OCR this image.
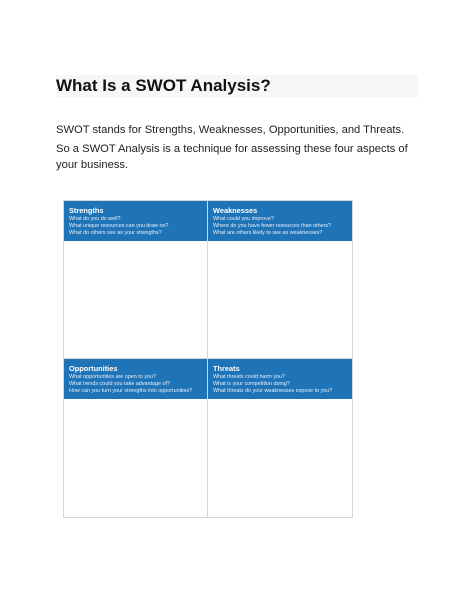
What Is a SWOT Analysis?

SWOT stands for Strengths, Weaknesses, Opportunities, and Threats.

So a SWOT Analysis is a technique for assessing these four aspects of your business.

Strengths
What do you do well?
What unique resources can you draw on?
What do others see as your strengths?
Weaknesses
What could you improve?
Where do you have fewer resources than others?
What are others likely to see as weaknesses?
Opportunities
What opportunities are open to you?
What trends could you take advantage of?
How can you turn your strengths into opportunities?
Threats
What threats could harm you?
What is your competition doing?
What threats do your weaknesses expose to you?
